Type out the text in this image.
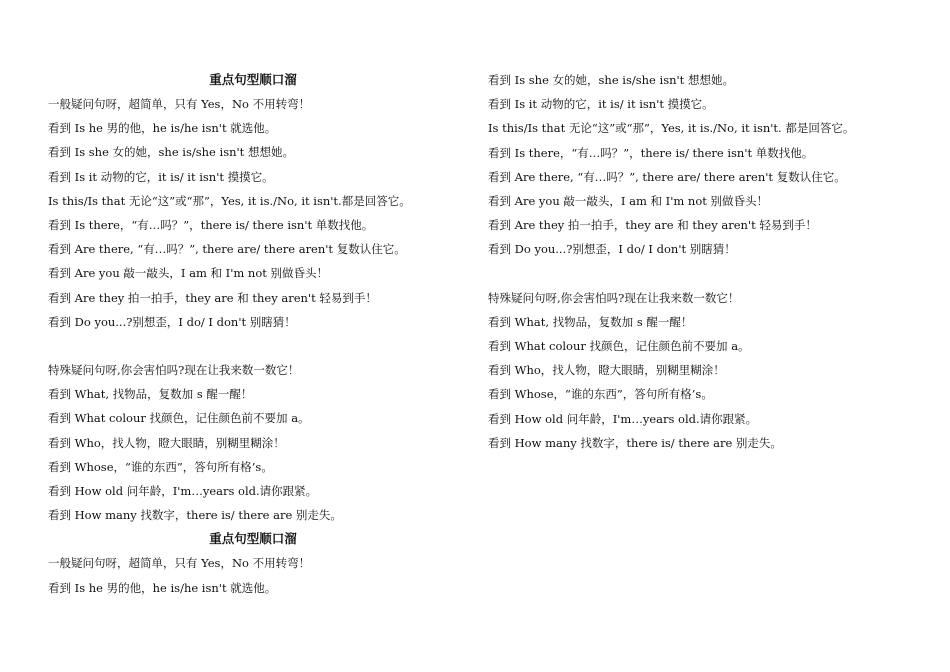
重点句型顺口溜
一般疑问句呀，超简单，只有 Yes，No 不用转弯！
看到 Is he 男的他，he is/he isn't 就选他。
看到 Is she 女的她，she is/she isn't 想想她。
看到 Is it 动物的它，it is/ it isn't 摸摸它。
Is this/Is that 无论“这”或“那”，Yes, it is./No, it isn't.都是回答它。
看到 Is there，“有…吗？”，there is/ there isn't 单数找他。
看到 Are there, “有…吗？”, there are/ there aren't 复数认住它。
看到 Are you 敲一敲头，I am 和 I'm not 别做昏头！
看到 Are they 拍一拍手，they are 和 they aren't 轻易到手！
看到 Do you...?别想歪，I do/ I don't 别瞎猜！
特殊疑问句呀,你会害怕吗?现在让我来数一数它！
看到 What, 找物品，复数加 s 醒一醒！
看到 What colour 找颜色，记住颜色前不要加 a。
看到 Who，找人物，瞪大眼睛，别糊里糊涂！
看到 Whose，“谁的东西”，答句所有格’s。
看到 How old 问年龄，I'm…years old.请你跟紧。
看到 How many 找数字，there is/ there are 别走失。
重点句型顺口溜
一般疑问句呀，超简单，只有 Yes，No 不用转弯！
看到 Is he 男的他，he is/he isn't 就选他。
看到 Is she 女的她，she is/she isn't 想想她。
看到 Is it 动物的它，it is/ it isn't 摸摸它。
Is this/Is that 无论“这”或“那”，Yes, it is./No, it isn't. 都是回答它。
看到 Is there，“有…吗？”，there is/ there isn't 单数找他。
看到 Are there, “有…吗？”, there are/ there aren't 复数认住它。
看到 Are you 敲一敲头，I am 和 I'm not 别做昏头！
看到 Are they 拍一拍手，they are 和 they aren't 轻易到手！
看到 Do you...?别想歪，I do/ I don't 别瞎猜！
特殊疑问句呀,你会害怕吗?现在让我来数一数它！
看到 What, 找物品，复数加 s 醒一醒！
看到 What colour 找颜色，记住颜色前不要加 a。
看到 Who，找人物，瞪大眼睛，别糊里糊涂！
看到 Whose，“谁的东西”，答句所有格’s。
看到 How old 问年龄，I'm…years old.请你跟紧。
看到 How many 找数字，there is/ there are 别走失。
